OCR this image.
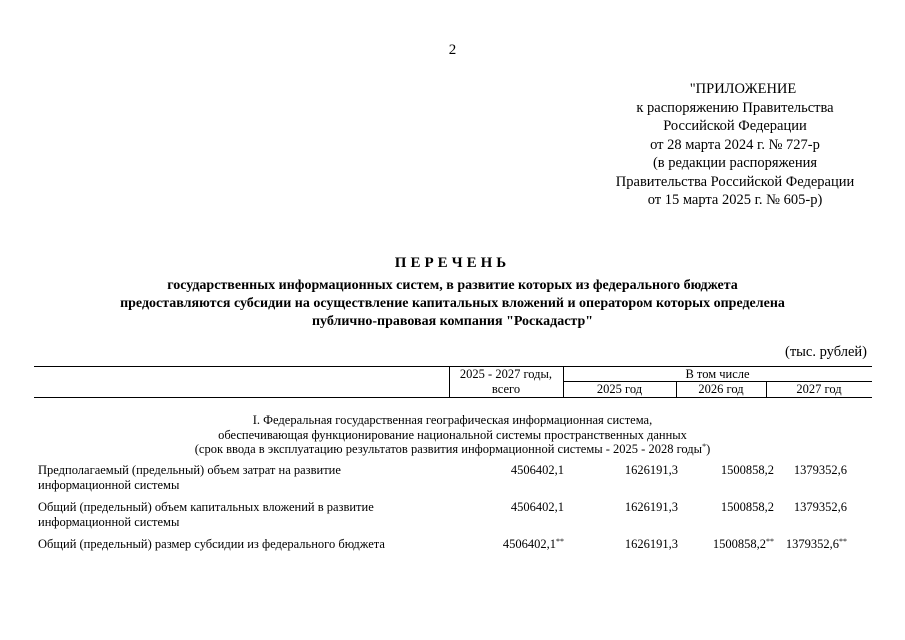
2
"ПРИЛОЖЕНИЕ
к распоряжению Правительства
Российской Федерации
от 28 марта 2024 г. № 727-р
(в редакции распоряжения
Правительства Российской Федерации
от 15 марта 2025 г. № 605-р)
ПЕРЕЧЕНЬ
государственных информационных систем, в развитие которых из федерального бюджета
предоставляются субсидии на осуществление капитальных вложений и оператором которых определена
публично-правовая компания "Роскадастр"
(тыс. рублей)
2025 - 2027 годы,
всего
В том числе
2025 год	2026 год	2027 год
I. Федеральная государственная географическая информационная система,
обеспечивающая функционирование национальной системы пространственных данных
(срок ввода в эксплуатацию результатов развития информационной системы - 2025 - 2028 годы*)
Предполагаемый (предельный) объем затрат на развитие информационной системы
4506402,1	1626191,3	1500858,2 1379352,6
Общий (предельный) объем капитальных вложений в развитие информационной системы
4506402,1	1626191,3	1500858,2 1379352,6
Общий (предельный) размер субсидии из федерального бюджета	4506402,1**	1626191,3	1500858,2** 1379352,6**
